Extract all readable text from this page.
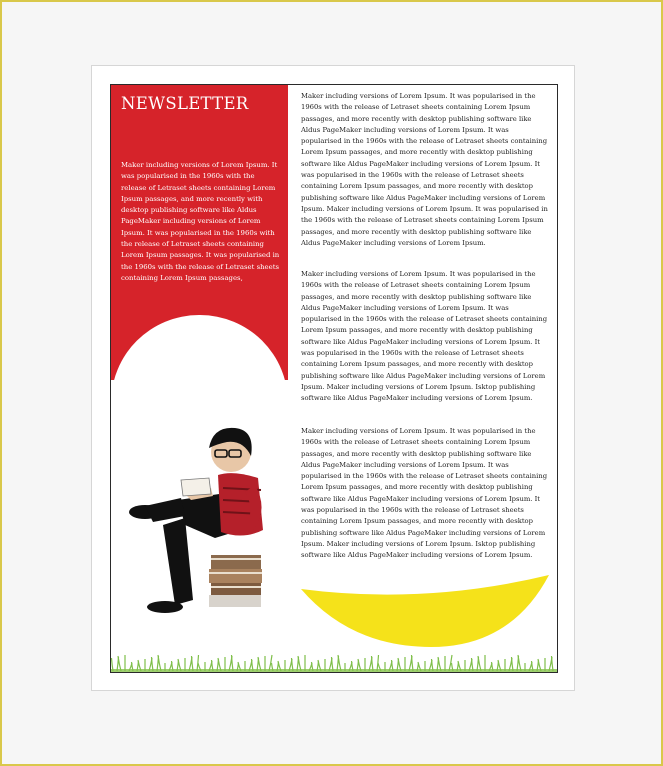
NEWSLETTER

Maker including versions of Lorem Ipsum. It was popularised in the 1960s with the release of Letraset sheets containing Lorem Ipsum passages, and more recently with desktop publishing software like Aldus PageMaker including versions of Lorem Ipsum. It was popularised in the 1960s with the release of Letraset sheets containing Lorem Ipsum passages. It was popularised in the 1960s with the release of Letraset sheets containing Lorem Ipsum passages,

Maker including versions of Lorem Ipsum. It was popularised in the 1960s with the release of Letraset sheets containing Lorem Ipsum passages, and more recently with desktop publishing software like Aldus PageMaker including versions of Lorem Ipsum. It was popularised in the 1960s with the release of Letraset sheets containing Lorem Ipsum passages, and more recently with desktop publishing software like Aldus PageMaker including versions of Lorem Ipsum. It was popularised in the 1960s with the release of Letraset sheets containing Lorem Ipsum passages, and more recently with desktop publishing software like Aldus PageMaker including versions of Lorem Ipsum. Maker including versions of Lorem Ipsum. It was popularised in the 1960s with the release of Letraset sheets containing Lorem Ipsum passages, and more recently with desktop publishing software like Aldus PageMaker including versions of Lorem Ipsum.

Maker including versions of Lorem Ipsum. It was popularised in the 1960s with the release of Letraset sheets containing Lorem Ipsum passages, and more recently with desktop publishing software like Aldus PageMaker including versions of Lorem Ipsum. It was popularised in the 1960s with the release of Letraset sheets containing Lorem Ipsum passages, and more recently with desktop publishing software like Aldus PageMaker including versions of Lorem Ipsum. It was popularised in the 1960s with the release of Letraset sheets containing Lorem Ipsum passages, and more recently with desktop publishing software like Aldus PageMaker including versions of Lorem Ipsum. Maker including versions of Lorem Ipsum. Isktop publishing software like Aldus PageMaker including versions of Lorem Ipsum.

Maker including versions of Lorem Ipsum. It was popularised in the 1960s with the release of Letraset sheets containing Lorem Ipsum passages, and more recently with desktop publishing software like Aldus PageMaker including versions of Lorem Ipsum. It was popularised in the 1960s with the release of Letraset sheets containing Lorem Ipsum passages, and more recently with desktop publishing software like Aldus PageMaker including versions of Lorem Ipsum. It was popularised in the 1960s with the release of Letraset sheets containing Lorem Ipsum passages, and more recently with desktop publishing software like Aldus PageMaker including versions of Lorem Ipsum. Maker including versions of Lorem Ipsum. Isktop publishing software like Aldus PageMaker including versions of Lorem Ipsum.
